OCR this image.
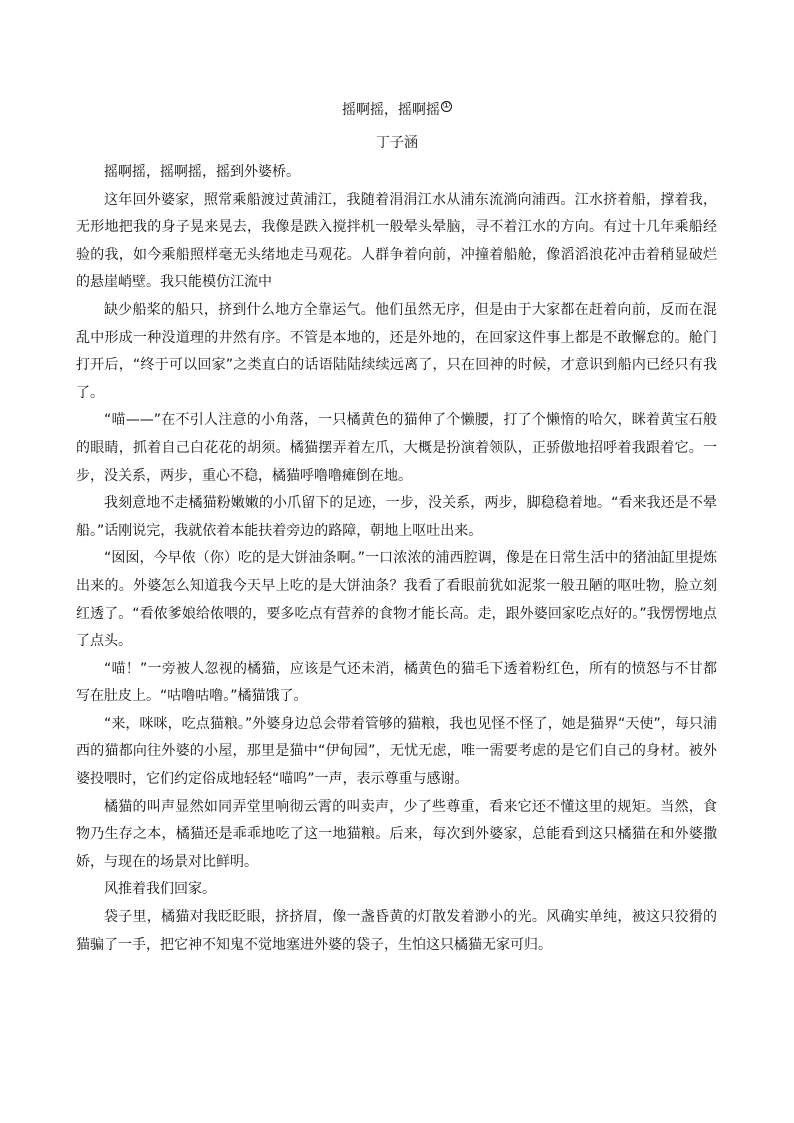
摇啊摇，摇啊摇 ①
丁子涵

摇啊摇，摇啊摇，摇到外婆桥。

这年回外婆家，照常乘船渡过黄浦江，我随着涓涓江水从浦东流淌向浦西。江水挤着船，撑着我，无形地把我的身子晃来晃去，我像是跌入搅拌机一般晕头晕脑，寻不着江水的方向。有过十几年乘船经验的我，如今乘船照样毫无头绪地走马观花。人群争着向前，冲撞着船舱，像滔滔浪花冲击着稍显破烂的悬崖峭壁。我只能模仿江流中

缺少船桨的船只，挤到什么地方全靠运气。他们虽然无序，但是由于大家都在赶着向前，反而在混乱中形成一种没道理的井然有序。不管是本地的，还是外地的，在回家这件事上都是不敢懈怠的。舱门打开后，“终于可以回家”之类直白的话语陆陆续续远离了，只在回神的时候，才意识到船内已经只有我了。

“喵——”在不引人注意的小角落，一只橘黄色的猫伸了个懒腰，打了个懒惰的哈欠，眯着黄宝石般的眼睛，抓着自己白花花的胡须。橘猫摆弄着左爪，大概是扮演着领队，正骄傲地招呼着我跟着它。一步，没关系，两步，重心不稳，橘猫呼噜噜瘫倒在地。

我刻意地不走橘猫粉嫩嫩的小爪留下的足迹，一步，没关系，两步，脚稳稳着地。“看来我还是不晕船。”话刚说完，我就依着本能扶着旁边的路障，朝地上呕吐出来。

“囡囡，今早侬（你）吃的是大饼油条啊。”一口浓浓的浦西腔调，像是在日常生活中的猪油缸里提炼出来的。外婆怎么知道我今天早上吃的是大饼油条？我看了看眼前犹如泥浆一般丑陋的呕吐物，脸立刻红透了。“看侬爹娘给侬喂的，要多吃点有营养的食物才能长高。走，跟外婆回家吃点好的。”我愣愣地点了点头。

“喵！”一旁被人忽视的橘猫，应该是气还未消，橘黄色的猫毛下透着粉红色，所有的愤怒与不甘都写在肚皮上。“咕噜咕噜。”橘猫饿了。

“来，咪咪，吃点猫粮。”外婆身边总会带着管够的猫粮，我也见怪不怪了，她是猫界“天使”，每只浦西的猫都向往外婆的小屋，那里是猫中“伊甸园”，无忧无虑，唯一需要考虑的是它们自己的身材。被外婆投喂时，它们约定俗成地轻轻“喵呜”一声，表示尊重与感谢。

橘猫的叫声显然如同弄堂里响彻云霄的叫卖声，少了些尊重，看来它还不懂这里的规矩。当然，食物乃生存之本，橘猫还是乖乖地吃了这一地猫粮。后来，每次到外婆家，总能看到这只橘猫在和外婆撒娇，与现在的场景对比鲜明。

风推着我们回家。

袋子里，橘猫对我眨眨眼，挤挤眉，像一盏昏黄的灯散发着渺小的光。风确实单纯，被这只狡猾的猫骗了一手，把它神不知鬼不觉地塞进外婆的袋子，生怕这只橘猫无家可归。
